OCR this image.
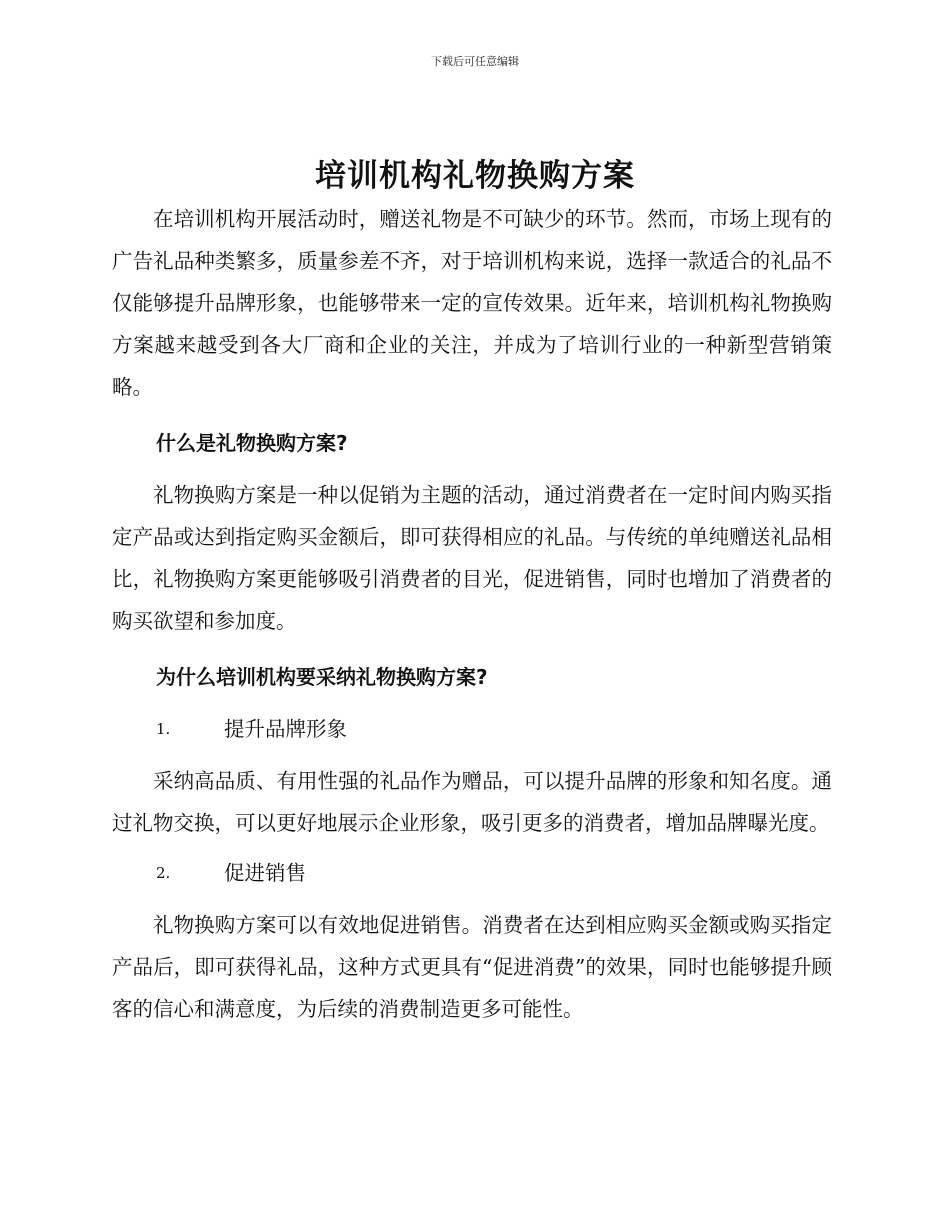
下载后可任意编辑
培训机构礼物换购方案

在培训机构开展活动时，赠送礼物是不可缺少的环节。然而，市场上现有的广告礼品种类繁多，质量参差不齐，对于培训机构来说，选择一款适合的礼品不仅能够提升品牌形象，也能够带来一定的宣传效果。近年来，培训机构礼物换购方案越来越受到各大厂商和企业的关注，并成为了培训行业的一种新型营销策略。

什么是礼物换购方案?

礼物换购方案是一种以促销为主题的活动，通过消费者在一定时间内购买指定产品或达到指定购买金额后，即可获得相应的礼品。与传统的单纯赠送礼品相比，礼物换购方案更能够吸引消费者的目光，促进销售，同时也增加了消费者的购买欲望和参加度。

为什么培训机构要采纳礼物换购方案?
1.	提升品牌形象

采纳高品质、有用性强的礼品作为赠品，可以提升品牌的形象和知名度。通过礼物交换，可以更好地展示企业形象，吸引更多的消费者，增加品牌曝光度。

2.	促进销售

礼物换购方案可以有效地促进销售。消费者在达到相应购买金额或购买指定产品后，即可获得礼品，这种方式更具有“促进消费”的效果，同时也能够提升顾客的信心和满意度，为后续的消费制造更多可能性。
